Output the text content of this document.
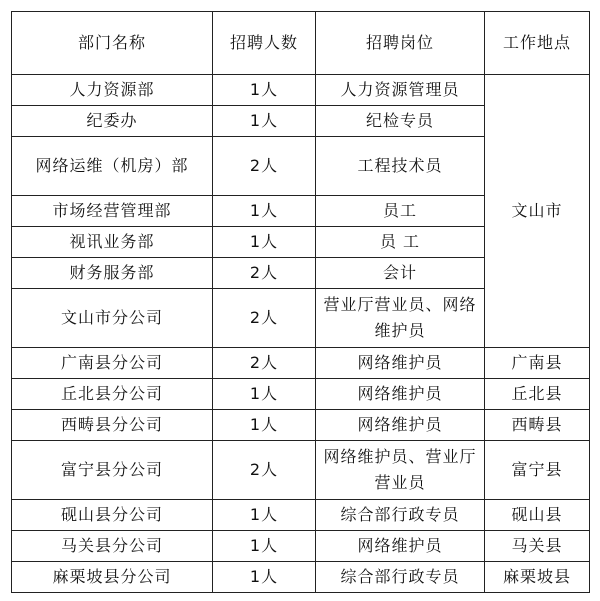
部门名称	招聘人数	招聘岗位	工作地点
人力资源部	1人	人力资源管理员	文山市
纪委办	1人	纪检专员	
网络运维（机房）部	2人	工程技术员	
市场经营管理部	1人	员工	
视讯业务部	1人	员 工	
财务服务部	2人	会计	
文山市分公司	2人	营业厅营业员、网络维护员	
广南县分公司	2人	网络维护员	广南县
丘北县分公司	1人	网络维护员	丘北县
西畴县分公司	1人	网络维护员	西畴县
富宁县分公司	2人	网络维护员、营业厅营业员	富宁县
砚山县分公司	1人	综合部行政专员	砚山县
马关县分公司	1人	网络维护员	马关县
麻栗坡县分公司	1人	综合部行政专员	麻栗坡县
